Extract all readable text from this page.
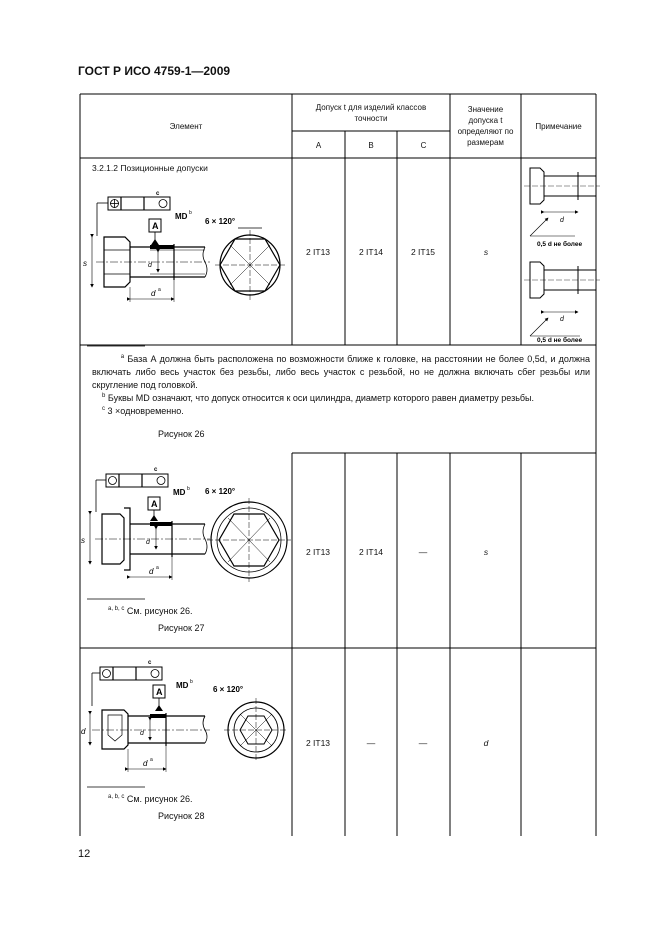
ГОСТ Р ИСО 4759-1—2009
Элемент
Допуск t для изделий классов
точности
A	B	C
Значение
допуска t
определяют по
размерам
Примечание
3.2.1.2 Позиционные допуски
2 IT13	2 IT14	2 IT15	s
2 IT13	2 IT14	—	s
2 IT13	—	—	d
$^a$ База А должна быть расположена по возможности ближе к головке, на расстоянии не более 0,5d, и должна
включать либо весь участок без резьбы, либо весь участок с резьбой, но не должна включать сбег резьбы или
скругление под головкой.
$^b$ Буквы MD означают, что допуск относится к оси цилиндра, диаметр которого равен диаметру резьбы.
$^c$ 3 ×одновременно.
Рисунок 26
$^{a, b, c}$ См. рисунок 26.
Рисунок 27
$^{a, b, c}$ См. рисунок 26.
Рисунок 28
s	d
d a
A
MD b
c
6 × 120°	d
0,5 d не более
d
0,5 d не более
s	d
d a
A
MD b
c
6 × 120°
d	d
d a
A
MD b
c
6 × 120°
12
